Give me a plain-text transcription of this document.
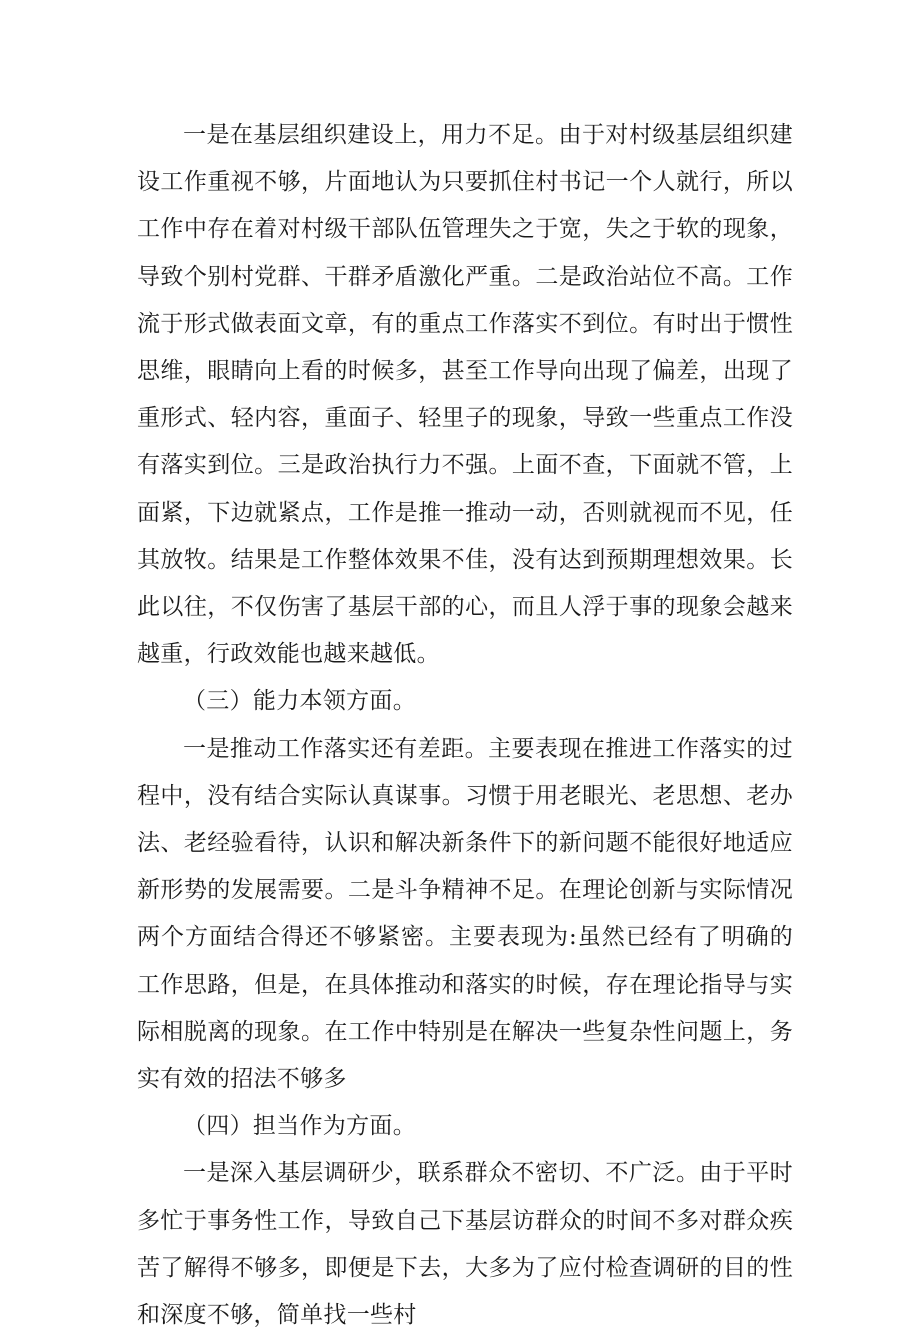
一是在基层组织建设上，用力不足。由于对村级基层组织建设工作重视不够，片面地认为只要抓住村书记一个人就行，所以工作中存在着对村级干部队伍管理失之于宽，失之于软的现象，导致个别村党群、干群矛盾激化严重。二是政治站位不高。工作流于形式做表面文章，有的重点工作落实不到位。有时出于惯性思维，眼睛向上看的时候多，甚至工作导向出现了偏差，出现了重形式、轻内容，重面子、轻里子的现象，导致一些重点工作没有落实到位。三是政治执行力不强。上面不查，下面就不管，上面紧，下边就紧点，工作是推一推动一动，否则就视而不见，任其放牧。结果是工作整体效果不佳，没有达到预期理想效果。长此以往，不仅伤害了基层干部的心，而且人浮于事的现象会越来越重，行政效能也越来越低。

（三）能力本领方面。

一是推动工作落实还有差距。主要表现在推进工作落实的过程中，没有结合实际认真谋事。习惯于用老眼光、老思想、老办法、老经验看待，认识和解决新条件下的新问题不能很好地适应新形势的发展需要。二是斗争精神不足。在理论创新与实际情况两个方面结合得还不够紧密。主要表现为:虽然已经有了明确的工作思路，但是，在具体推动和落实的时候，存在理论指导与实际相脱离的现象。在工作中特别是在解决一些复杂性问题上，务实有效的招法不够多

（四）担当作为方面。

一是深入基层调研少，联系群众不密切、不广泛。由于平时多忙于事务性工作，导致自己下基层访群众的时间不多对群众疾苦了解得不够多，即便是下去，大多为了应付检查调研的目的性和深度不够，简单找一些村
